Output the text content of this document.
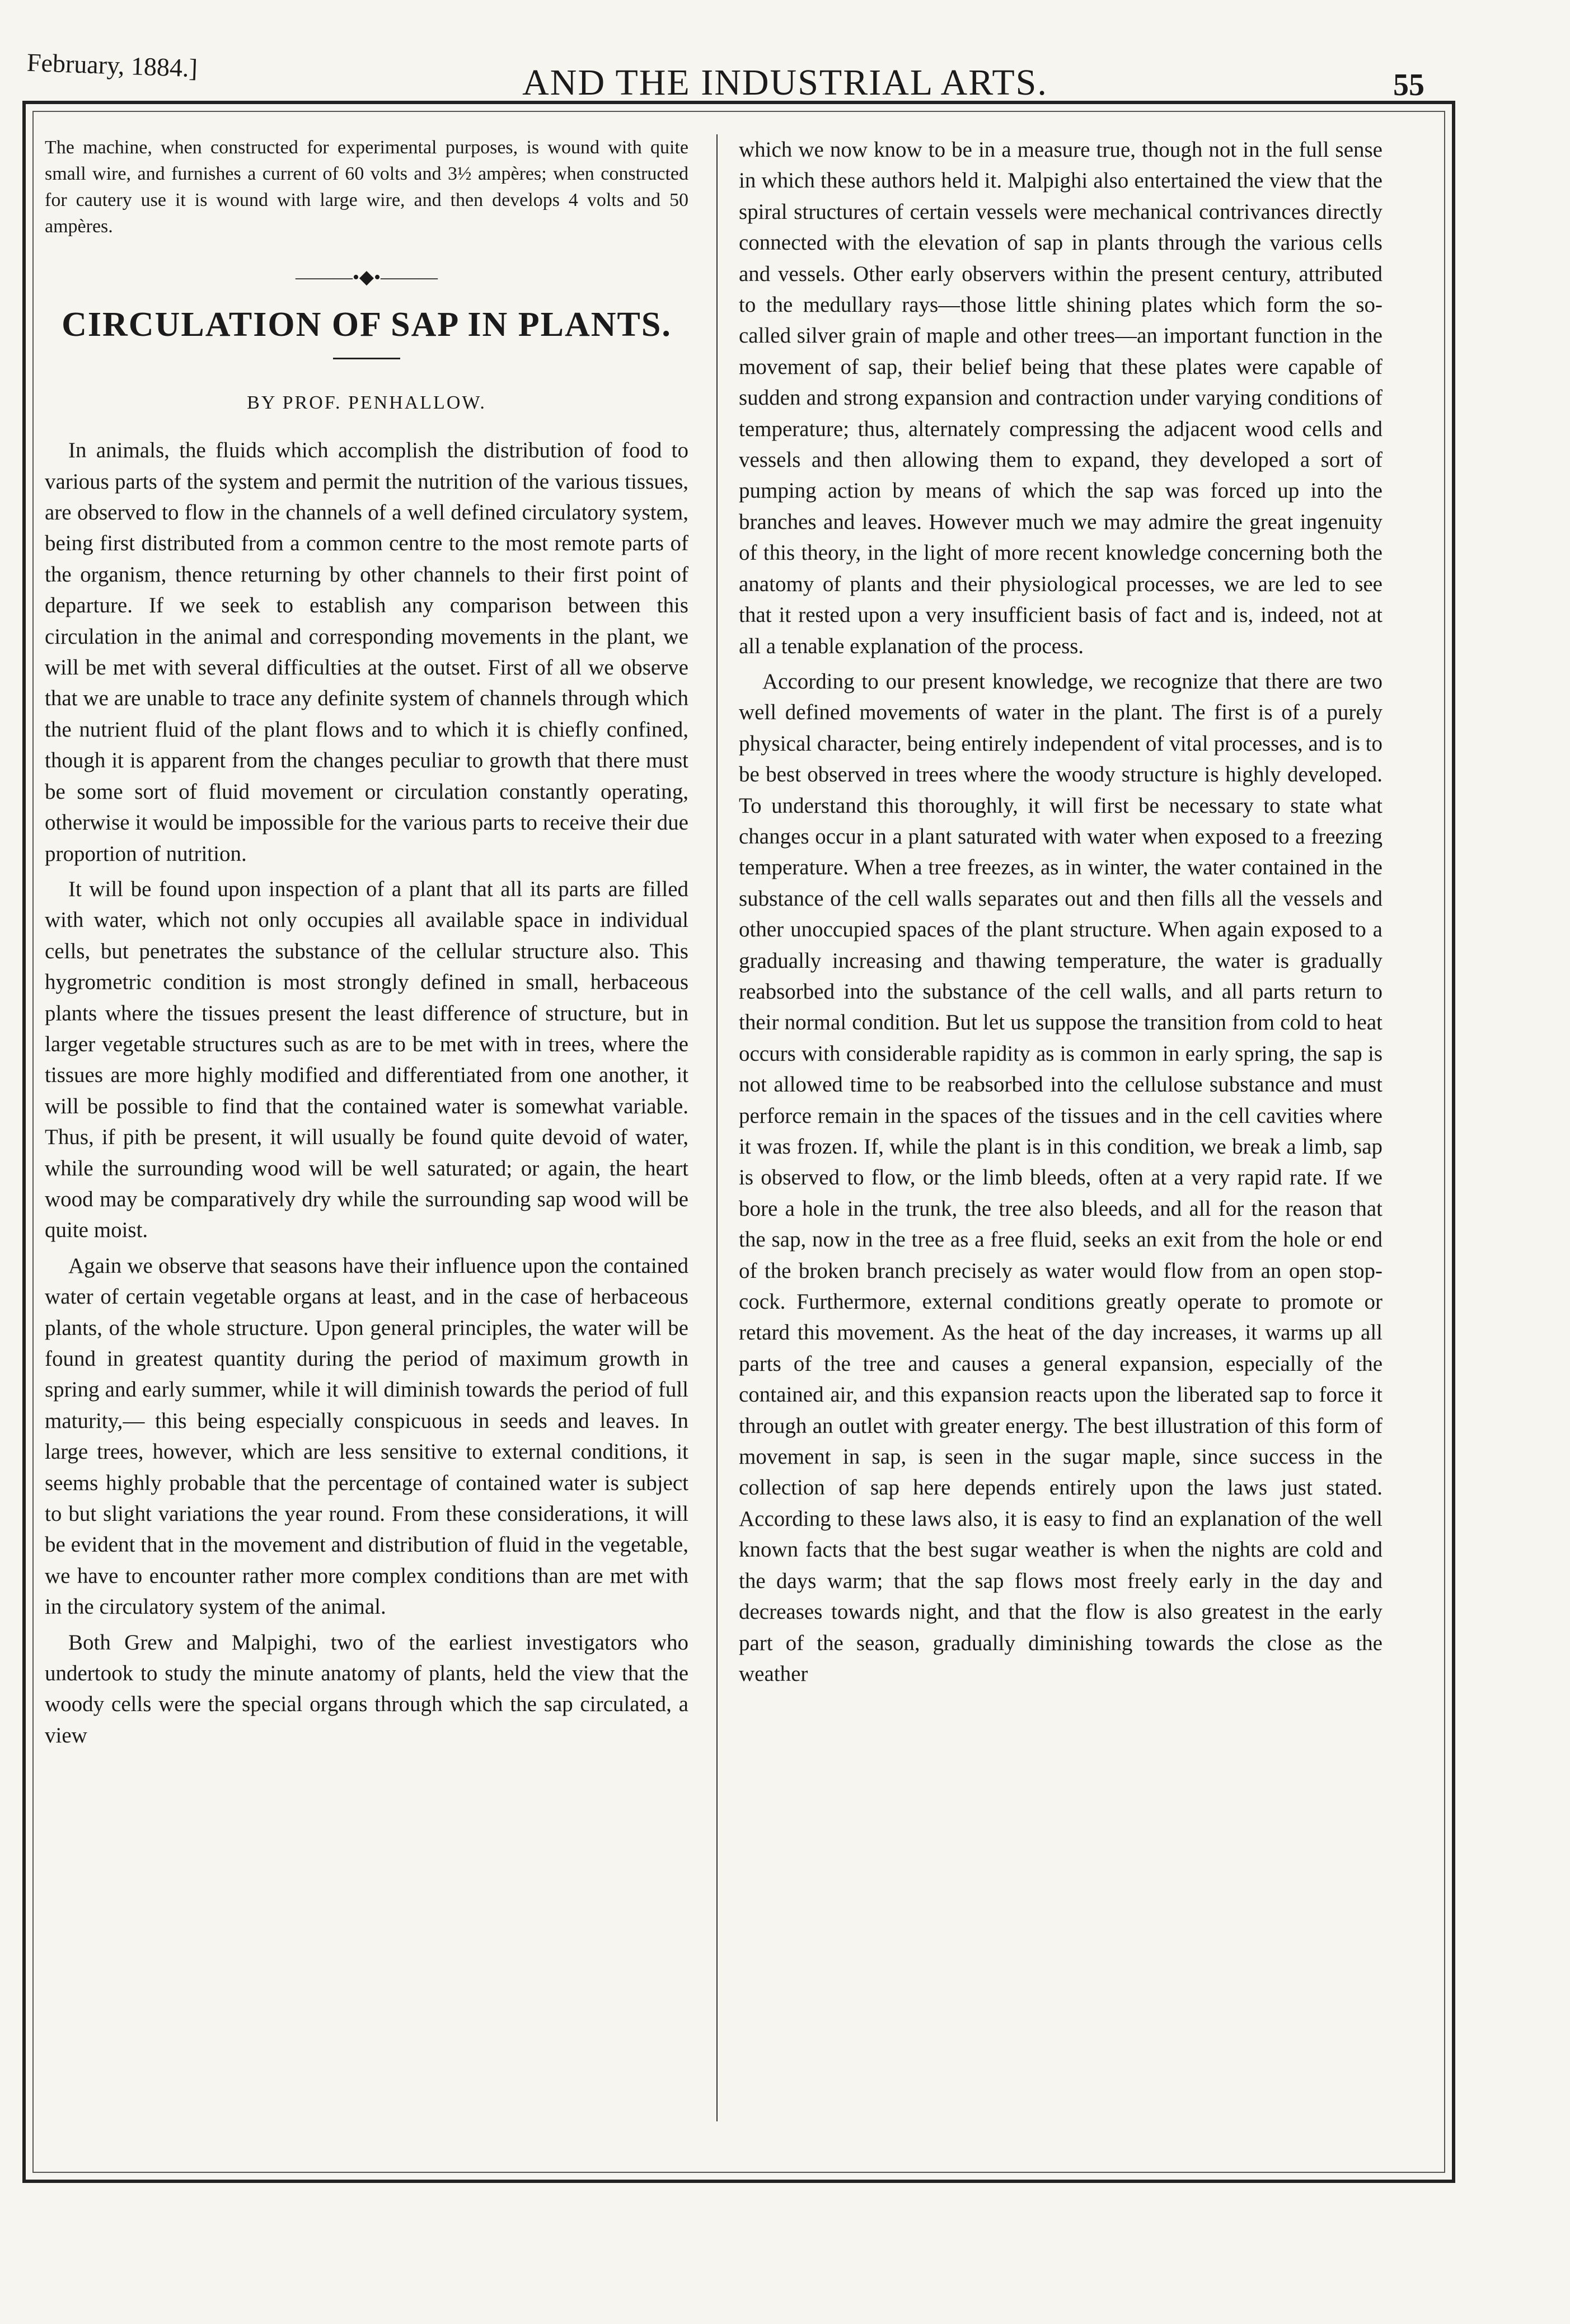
February, 1884.]	AND THE INDUSTRIAL ARTS.	55

The machine, when constructed for experimental purposes, is wound with quite small wire, and furnishes a current of 60 volts and 3½ ampères; when constructed for cautery use it is wound with large wire, and then develops 4 volts and 50 ampères.

———•◆•———
CIRCULATION OF SAP IN PLANTS.
BY PROF. PENHALLOW.

In animals, the fluids which accomplish the distribution of food to various parts of the system and permit the nutrition of the various tissues, are observed to flow in the channels of a well defined circulatory system, being first distributed from a common centre to the most remote parts of the organism, thence returning by other channels to their first point of departure. If we seek to establish any comparison between this circulation in the animal and corresponding movements in the plant, we will be met with several difficulties at the outset. First of all we observe that we are unable to trace any definite system of channels through which the nutrient fluid of the plant flows and to which it is chiefly confined, though it is apparent from the changes peculiar to growth that there must be some sort of fluid movement or circulation constantly operating, otherwise it would be impossible for the various parts to receive their due proportion of nutrition.

It will be found upon inspection of a plant that all its parts are filled with water, which not only occupies all available space in individual cells, but penetrates the substance of the cellular structure also. This hygrometric condition is most strongly defined in small, herbaceous plants where the tissues present the least difference of structure, but in larger vegetable structures such as are to be met with in trees, where the tissues are more highly modified and differentiated from one another, it will be possible to find that the contained water is somewhat variable. Thus, if pith be present, it will usually be found quite devoid of water, while the surrounding wood will be well saturated; or again, the heart wood may be comparatively dry while the surrounding sap wood will be quite moist.

Again we observe that seasons have their influence upon the contained water of certain vegetable organs at least, and in the case of herbaceous plants, of the whole structure. Upon general principles, the water will be found in greatest quantity during the period of maximum growth in spring and early summer, while it will diminish towards the period of full maturity,— this being especially conspicuous in seeds and leaves. In large trees, however, which are less sensitive to external conditions, it seems highly probable that the percentage of contained water is subject to but slight variations the year round. From these considerations, it will be evident that in the movement and distribution of fluid in the vegetable, we have to encounter rather more complex conditions than are met with in the circulatory system of the animal.

Both Grew and Malpighi, two of the earliest investigators who undertook to study the minute anatomy of plants, held the view that the woody cells were the special organs through which the sap circulated, a view

which we now know to be in a measure true, though not in the full sense in which these authors held it. Malpighi also entertained the view that the spiral structures of certain vessels were mechanical contrivances directly connected with the elevation of sap in plants through the various cells and vessels. Other early observers within the present century, attributed to the medullary rays—those little shining plates which form the so-called silver grain of maple and other trees—an important function in the movement of sap, their belief being that these plates were capable of sudden and strong expansion and contraction under varying conditions of temperature; thus, alternately compressing the adjacent wood cells and vessels and then allowing them to expand, they developed a sort of pumping action by means of which the sap was forced up into the branches and leaves. However much we may admire the great ingenuity of this theory, in the light of more recent knowledge concerning both the anatomy of plants and their physiological processes, we are led to see that it rested upon a very insufficient basis of fact and is, indeed, not at all a tenable explanation of the process.

According to our present knowledge, we recognize that there are two well defined movements of water in the plant. The first is of a purely physical character, being entirely independent of vital processes, and is to be best observed in trees where the woody structure is highly developed. To understand this thoroughly, it will first be necessary to state what changes occur in a plant saturated with water when exposed to a freezing temperature. When a tree freezes, as in winter, the water contained in the substance of the cell walls separates out and then fills all the vessels and other unoccupied spaces of the plant structure. When again exposed to a gradually increasing and thawing temperature, the water is gradually reabsorbed into the substance of the cell walls, and all parts return to their normal condition. But let us suppose the transition from cold to heat occurs with considerable rapidity as is common in early spring, the sap is not allowed time to be reabsorbed into the cellulose substance and must perforce remain in the spaces of the tissues and in the cell cavities where it was frozen. If, while the plant is in this condition, we break a limb, sap is observed to flow, or the limb bleeds, often at a very rapid rate. If we bore a hole in the trunk, the tree also bleeds, and all for the reason that the sap, now in the tree as a free fluid, seeks an exit from the hole or end of the broken branch precisely as water would flow from an open stop-cock. Furthermore, external conditions greatly operate to promote or retard this movement. As the heat of the day increases, it warms up all parts of the tree and causes a general expansion, especially of the contained air, and this expansion reacts upon the liberated sap to force it through an outlet with greater energy. The best illustration of this form of movement in sap, is seen in the sugar maple, since success in the collection of sap here depends entirely upon the laws just stated. According to these laws also, it is easy to find an explanation of the well known facts that the best sugar weather is when the nights are cold and the days warm; that the sap flows most freely early in the day and decreases towards night, and that the flow is also greatest in the early part of the season, gradually diminishing towards the close as the weather
